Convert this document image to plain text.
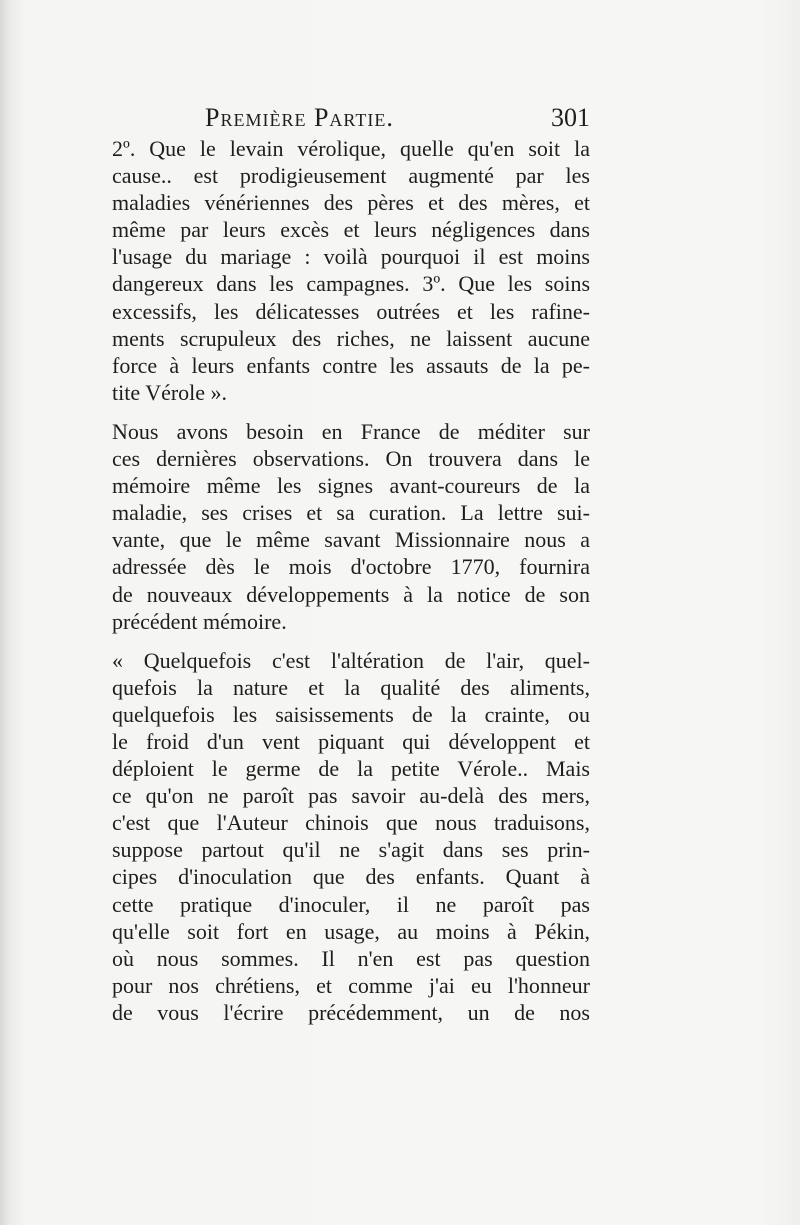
Première Partie.	301
2º. Que le levain vérolique, quelle qu'en soit la
cause.. est prodigieusement augmenté par les
maladies vénériennes des pères et des mères, et
même par leurs excès et leurs négligences dans
l'usage du mariage : voilà pourquoi il est moins
dangereux dans les campagnes. 3º. Que les soins
excessifs, les délicatesses outrées et les rafine-
ments scrupuleux des riches, ne laissent aucune
force à leurs enfants contre les assauts de la pe-
tite Vérole ».
Nous avons besoin en France de méditer sur
ces dernières observations. On trouvera dans le
mémoire même les signes avant-coureurs de la
maladie, ses crises et sa curation. La lettre sui-
vante, que le même savant Missionnaire nous a
adressée dès le mois d'octobre 1770, fournira
de nouveaux développements à la notice de son
précédent mémoire.
« Quelquefois c'est l'altération de l'air, quel-
quefois la nature et la qualité des aliments,
quelquefois les saisissements de la crainte, ou
le froid d'un vent piquant qui développent et
déploient le germe de la petite Vérole.. Mais
ce qu'on ne paroît pas savoir au-delà des mers,
c'est que l'Auteur chinois que nous traduisons,
suppose partout qu'il ne s'agit dans ses prin-
cipes d'inoculation que des enfants. Quant à
cette pratique d'inoculer, il ne paroît pas
qu'elle soit fort en usage, au moins à Pékin,
où nous sommes. Il n'en est pas question
pour nos chrétiens, et comme j'ai eu l'honneur
de vous l'écrire précédemment, un de nos
